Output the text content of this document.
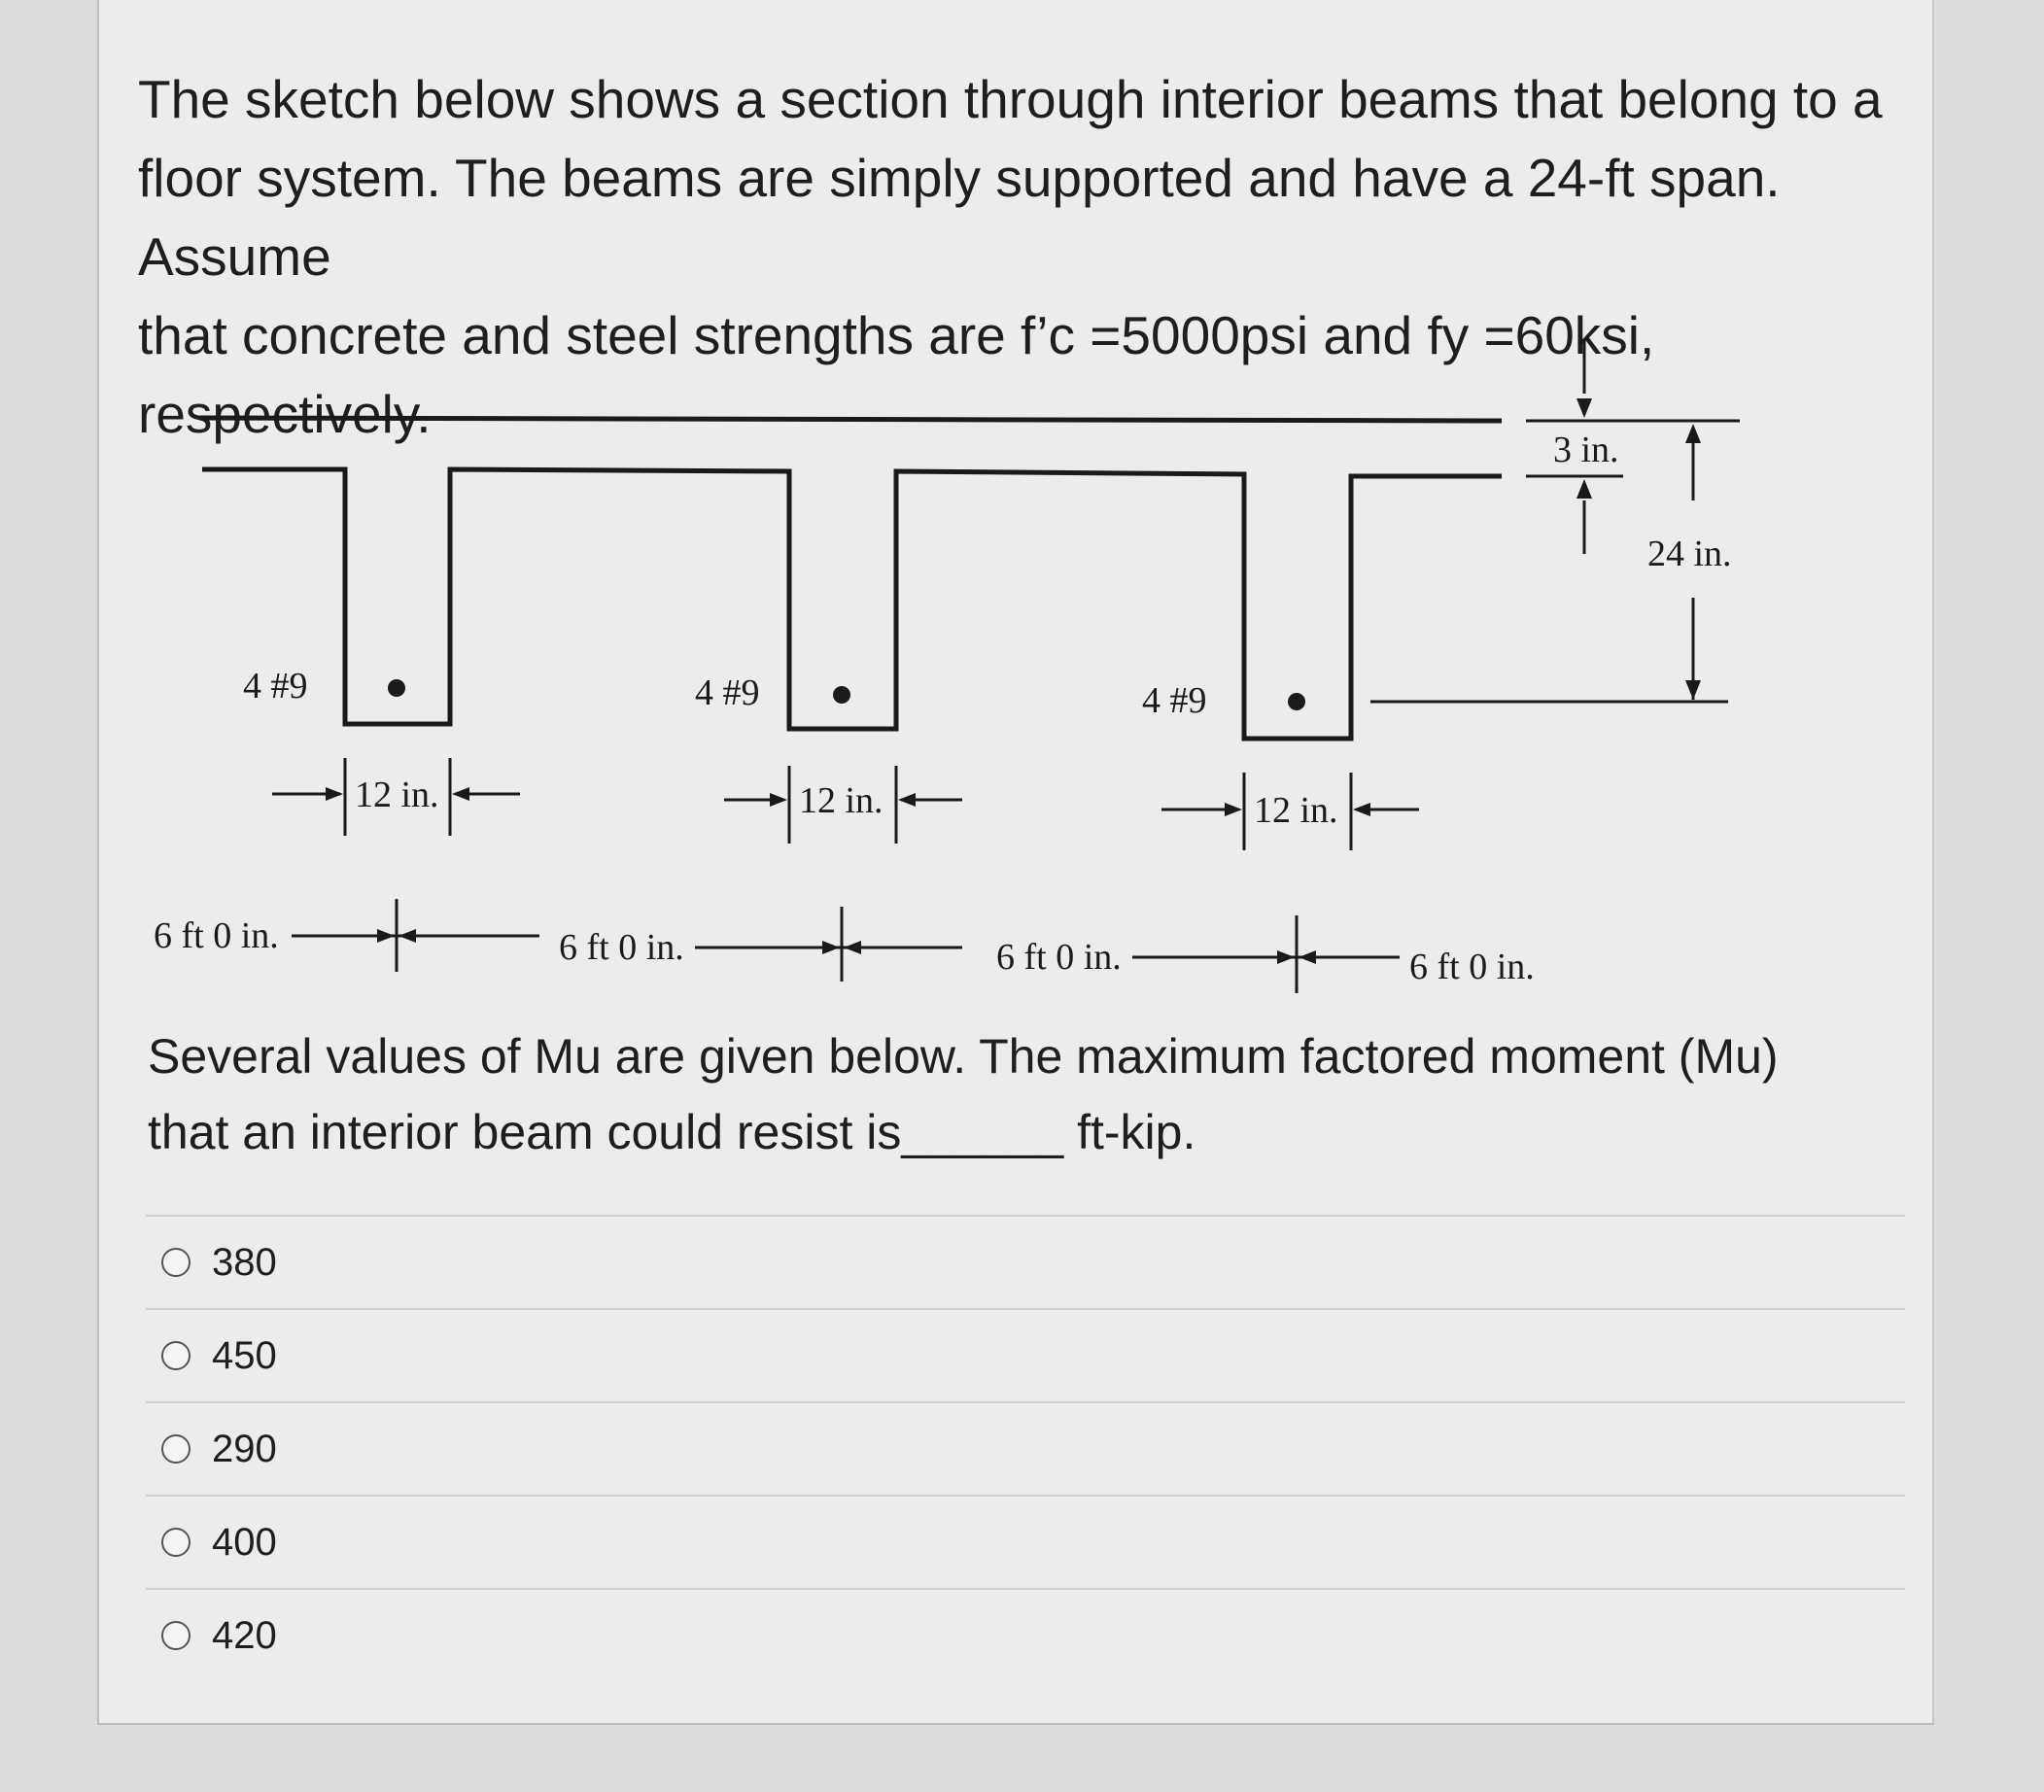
The sketch below shows a section through interior beams that belong to a

floor system. The beams are simply supported and have a 24-ft span. Assume

that concrete and steel strengths are f’c =5000psi and fy =60ksi, respectively.

4 #9	4 #9	4 #9
12 in.	12 in.	12 in.
6 ft 0 in.	6 ft 0 in.	6 ft 0 in.	6 ft 0 in.
3 in.
24 in.

Several values of Mu are given below. The maximum factored moment (Mu)

that an interior beam could resist is______ ft-kip.

380
450
290
400
420
